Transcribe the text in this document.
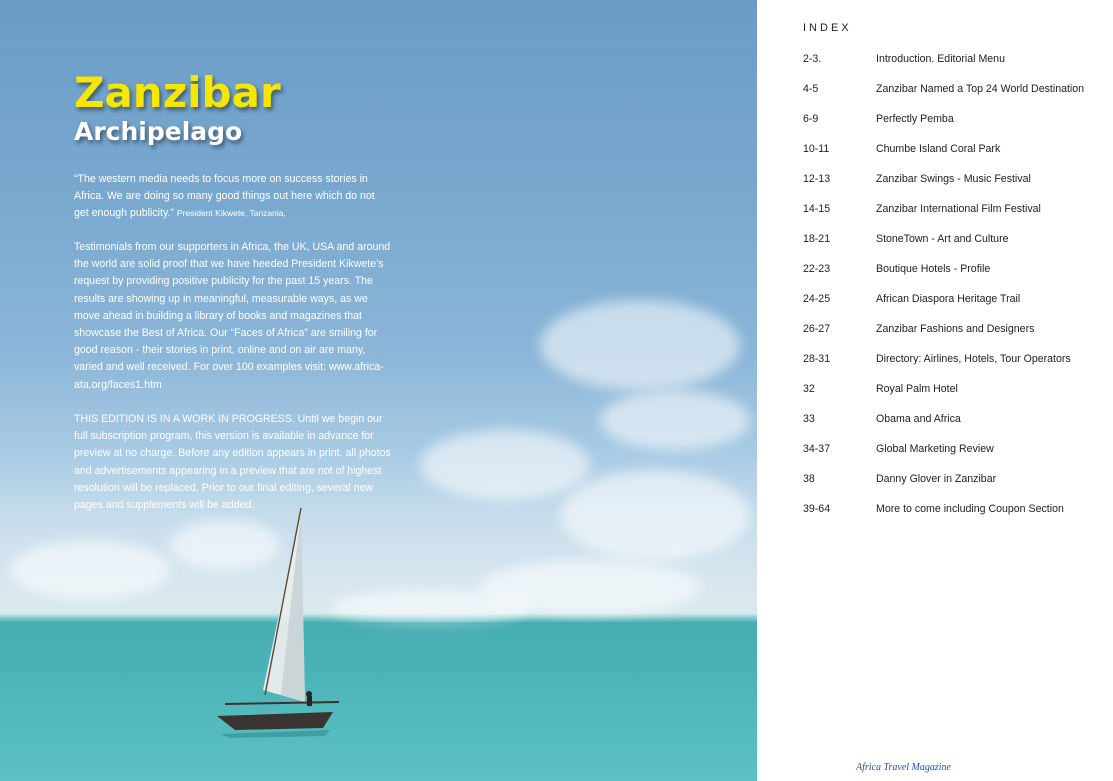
Zanzibar
Archipelago

“The western media needs to focus more on success stories in Africa. We are doing so many good things out here which do not get enough publicity.” President Kikwete, Tanzania,

Testimonials from our supporters in Africa, the UK, USA and around the world are solid proof that we have heeded President Kikwete’s request by providing positive publicity for the past 15 years. The results are showing up in meaningful, measurable ways, as we move ahead in building a library of books and magazines that showcase the Best of Africa. Our “Faces of Africa” are smiling for good reason - their stories in print, online and on air are many, varied and well received. For over 100 examples visit: www.africa-ata.org/faces1.htm

THIS EDITION IS IN A WORK IN PROGRESS. Until we begin our full subscription program, this version is available in advance for preview at no charge. Before any edition appears in print, all photos and advertisements appearing in a preview that are not of highest resolution will be replaced. Prior to our final editing, several new pages and supplements will be added.

.
INDEX
2-3.	Introduction. Editorial Menu
4-5	Zanzibar Named a Top 24 World Destination
6-9	Perfectly Pemba
10-11	Chumbe Island Coral Park
12-13	Zanzibar Swings - Music Festival
14-15	Zanzibar International Film Festival
18-21	StoneTown - Art and Culture
22-23	Boutique Hotels - Profile
24-25	African Diaspora Heritage Trail
26-27	Zanzibar Fashions and Designers
28-31	Directory: Airlines, Hotels, Tour Operators
32	Royal Palm Hotel
33	Obama and Africa
34-37	Global Marketing Review
38	Danny Glover in Zanzibar
39-64	More to come including Coupon Section

Africa Travel Magazine
